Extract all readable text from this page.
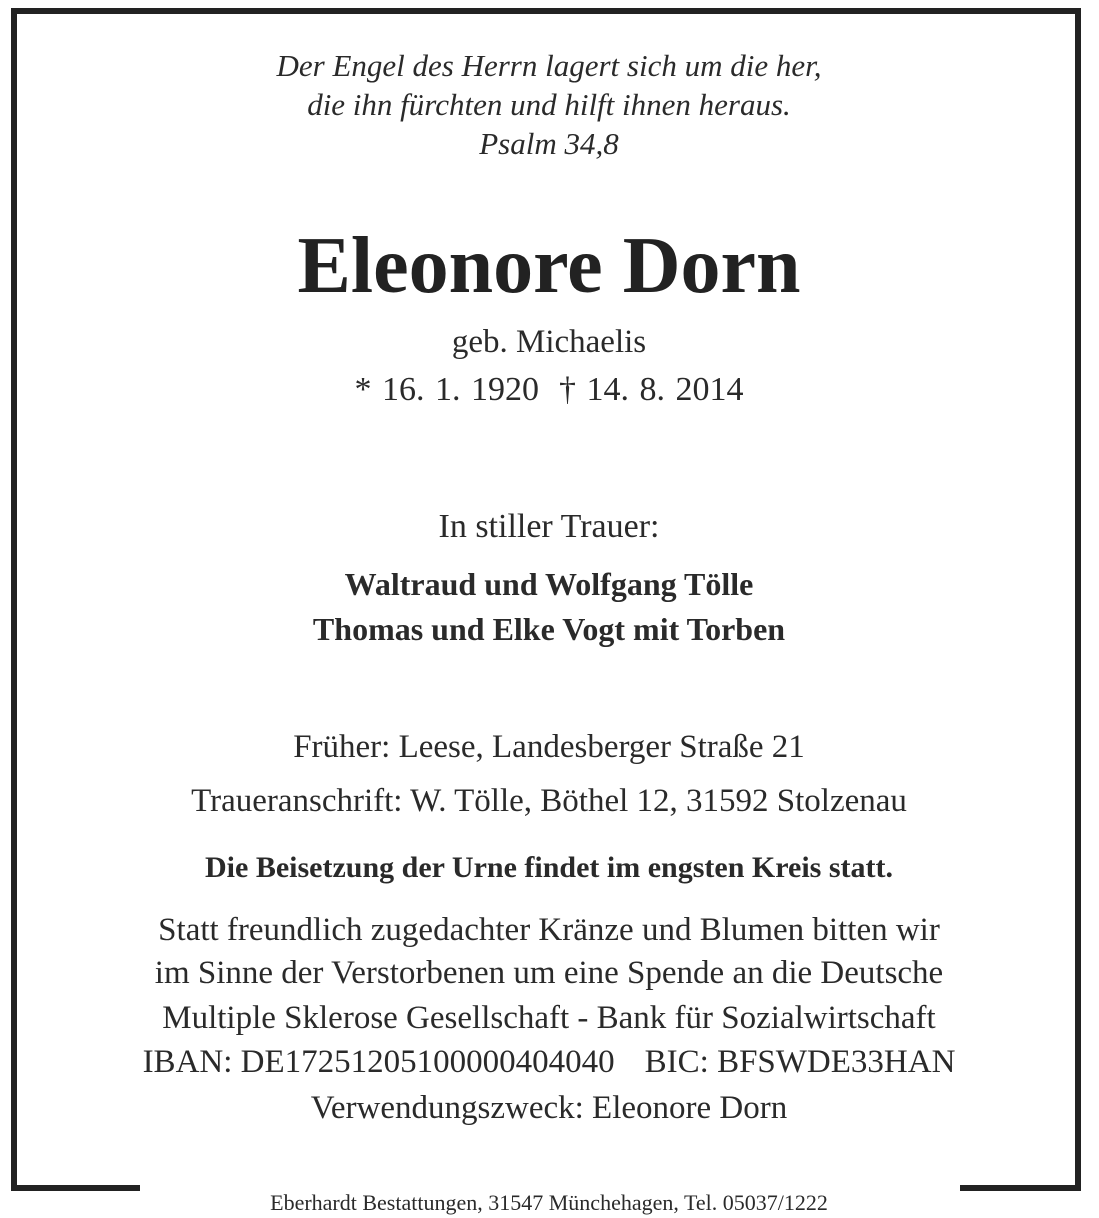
Der Engel des Herrn lagert sich um die her,

die ihn fürchten und hilft ihnen heraus.

Psalm 34,8

Eleonore Dorn

geb. Michaelis

* 16. 1. 1920 † 14. 8. 2014

In stiller Trauer:

Waltraud und Wolfgang Tölle

Thomas und Elke Vogt mit Torben

Früher: Leese, Landesberger Straße 21

Traueranschrift: W. Tölle, Böthel 12, 31592 Stolzenau

Die Beisetzung der Urne findet im engsten Kreis statt.

Statt freundlich zugedachter Kränze und Blumen bitten wir

im Sinne der Verstorbenen um eine Spende an die Deutsche

Multiple Sklerose Gesellschaft - Bank für Sozialwirtschaft

IBAN: DE17251205100000404040 BIC: BFSWDE33HAN

Verwendungszweck: Eleonore Dorn

Eberhardt Bestattungen, 31547 Münchehagen, Tel. 05037/1222
